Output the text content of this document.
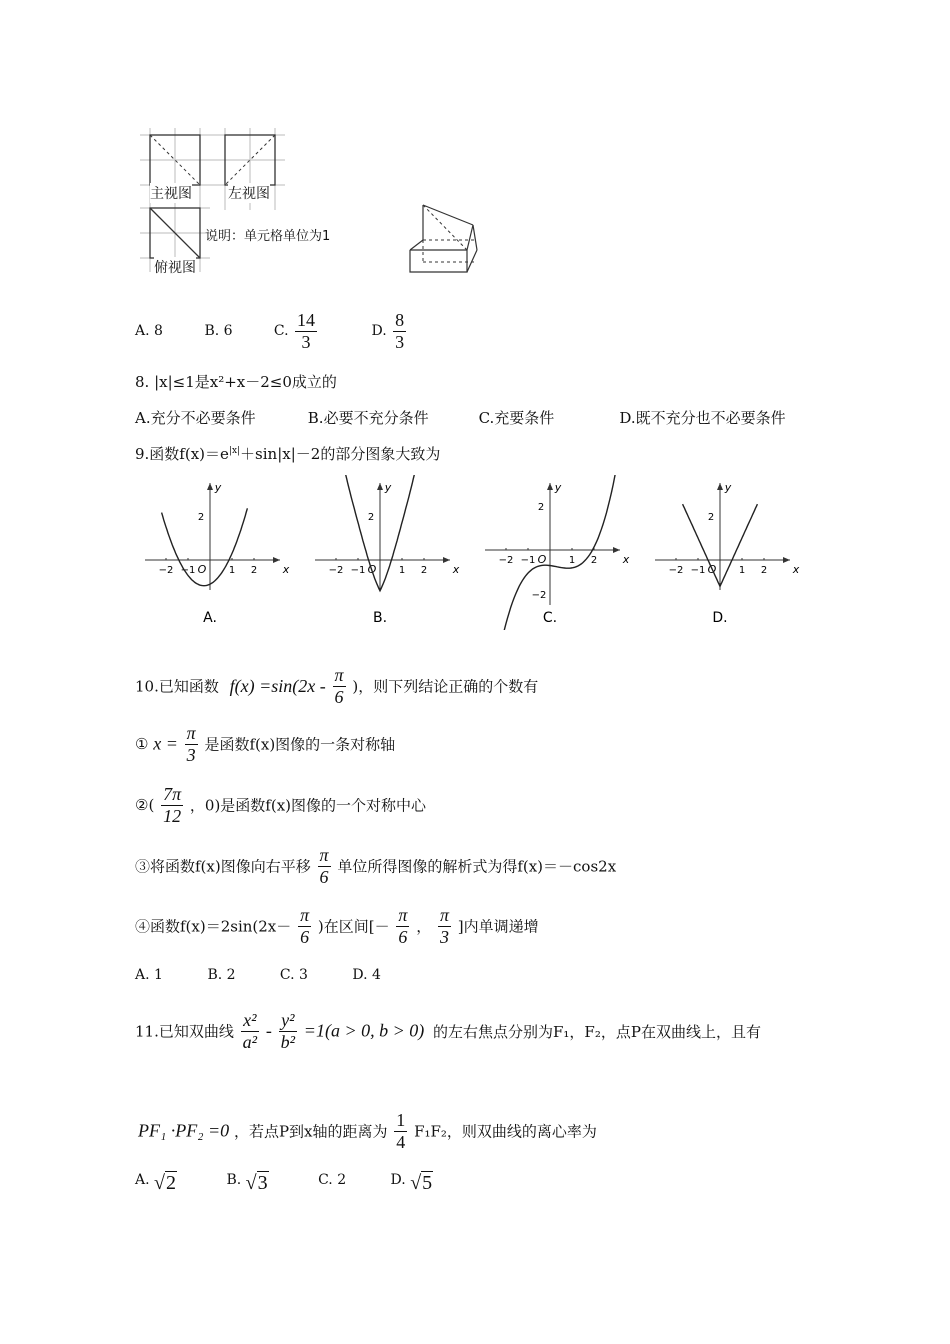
主视图	左视图
俯视图
说明：单元格单位为1
A. 8	B. 6	C. $\frac{14}{3}$	D. $\frac{8}{3}$
8. |x|≤1是x²+x－2≤0成立的
A.充分不必要条件	B.必要不充分条件	C.充要条件	D.既不充分也不必要条件
9.函数$f(x)=e^{|x|}+\sin|x|-2$的部分图象大致为
y
x
O
−2 −1	1 2
2
A.
y
x
O
−2 −1	1 2
2
B.
y
x
O
−2 −1	1 2
2
−2
C.
y
x
O
−2 −1	1 2
2
D.
10.已知函数 $f(x) =\sin(2x - \frac{\pi}{6}$ )，则下列结论正确的个数有
① $x = \frac{\pi}{3}$ 是函数f(x)图像的一条对称轴
②( $\frac{7\pi}{12}$ ，0)是函数f(x)图像的一个对称中心
③将函数f(x)图像向右平移 $\frac{\pi}{6}$ 单位所得图像的解析式为得f(x)＝－cos2x
④函数$f(x)=2\sin(2x- \frac{\pi}{6}$ )在区间[－ $\frac{\pi}{6}$ ， $\frac{\pi}{3}$ ]内单调递增
A. 1	B. 2	C. 3	D. 4
11.已知双曲线 $\frac{\text{x²}}{\text{a²}} - \frac{\text{y²}}{\text{b²}} =1(a > 0$, b > 0) 的左右焦点分别为F₁，F₂，点P在双曲线上，且有
PF₁ ·PF₂ =0 ，若点P到x轴的距离为 $\frac{1}{4} F_1F_2$，则双曲线的离心率为
A. √2	B. √3	C. 2	D. √5
